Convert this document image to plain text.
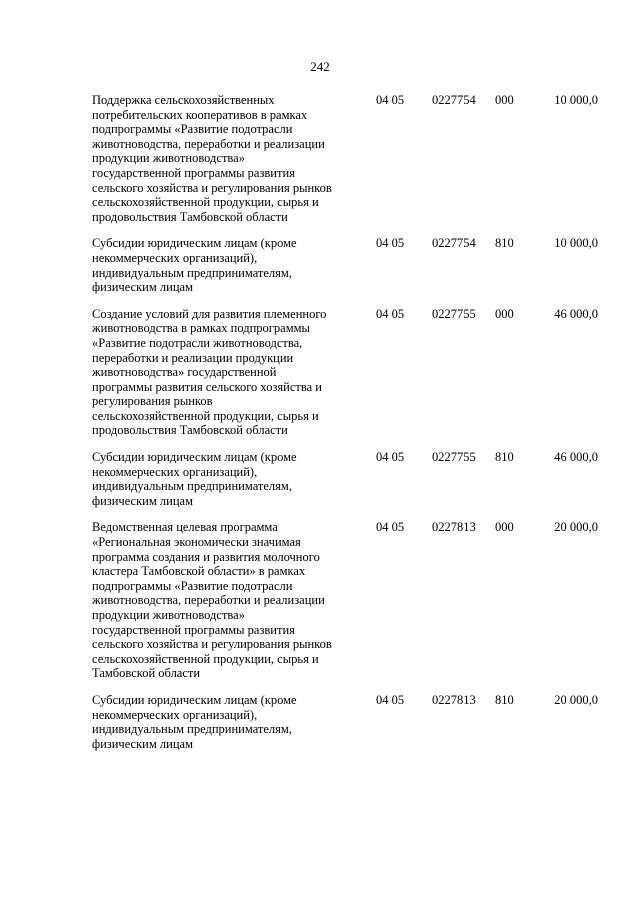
242
Поддержка сельскохозяйственных
потребительских кооперативов в рамках
подпрограммы «Развитие подотрасли
животноводства, переработки и реализации
продукции животноводства»
государственной программы развития
сельского хозяйства и регулирования рынков
сельскохозяйственной продукции, сырья и
продовольствия Тамбовской области
04 05 0227754 000	10 000,0
Субсидии юридическим лицам (кроме
некоммерческих организаций),
индивидуальным предпринимателям,
физическим лицам
04 05 0227754 810	10 000,0
Создание условий для развития племенного
животноводства в рамках подпрограммы
«Развитие подотрасли животноводства,
переработки и реализации продукции
животноводства» государственной
программы развития сельского хозяйства и
регулирования рынков
сельскохозяйственной продукции, сырья и
продовольствия Тамбовской области
04 05 0227755 000	46 000,0
Субсидии юридическим лицам (кроме
некоммерческих организаций),
индивидуальным предпринимателям,
физическим лицам
04 05 0227755 810	46 000,0
Ведомственная целевая программа
«Региональная экономически значимая
программа создания и развития молочного
кластера Тамбовской области» в рамках
подпрограммы «Развитие подотрасли
животноводства, переработки и реализации
продукции животноводства»
государственной программы развития
сельского хозяйства и регулирования рынков
сельскохозяйственной продукции, сырья и
Тамбовской области
04 05 0227813 000	20 000,0
Субсидии юридическим лицам (кроме
некоммерческих организаций),
индивидуальным предпринимателям,
физическим лицам
04 05 0227813 810	20 000,0
